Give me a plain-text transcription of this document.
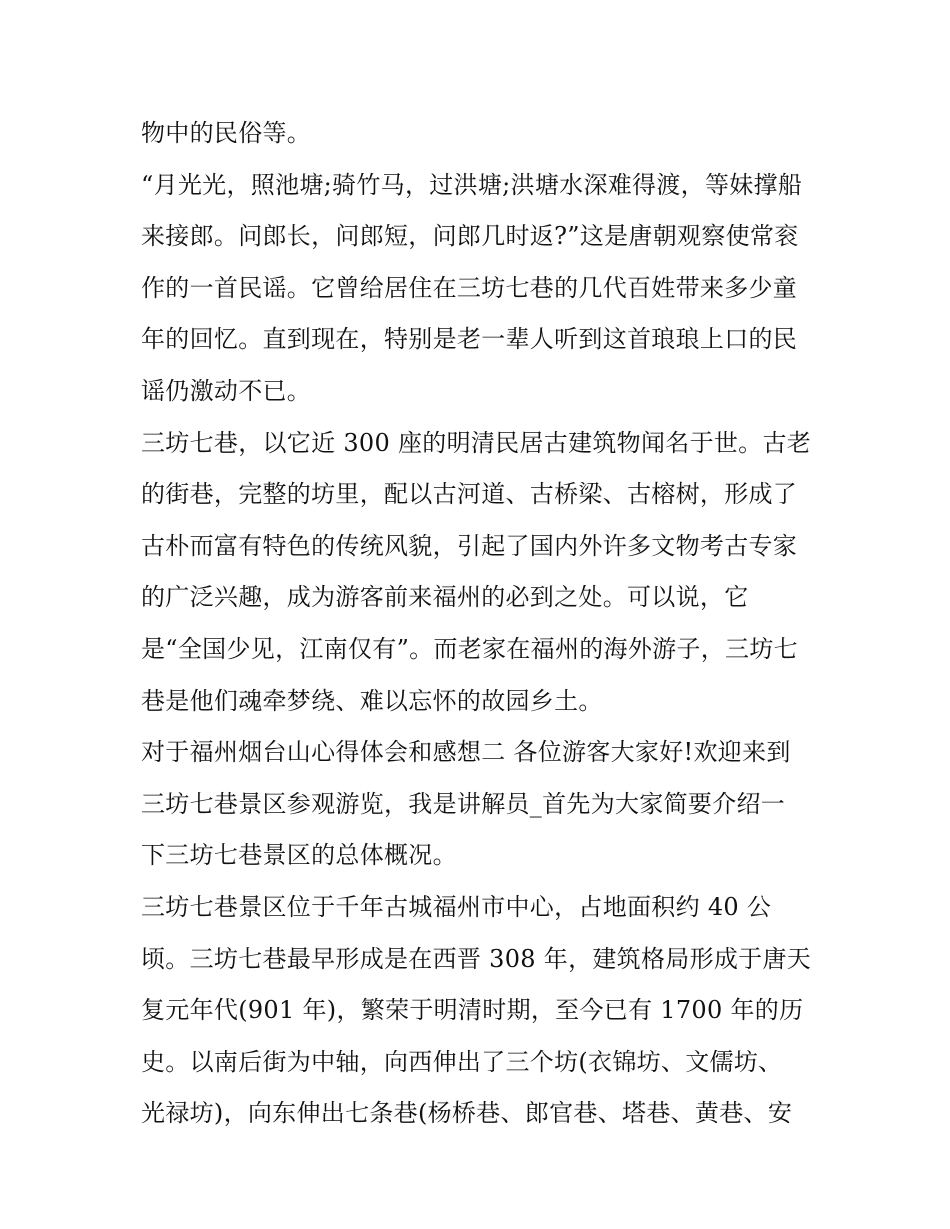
物中的民俗等。
“月光光，照池塘;骑竹马，过洪塘;洪塘水深难得渡，等妹撑船
来接郎。问郎长，问郎短，问郎几时返?”这是唐朝观察使常衮
作的一首民谣。它曾给居住在三坊七巷的几代百姓带来多少童
年的回忆。直到现在，特别是老一辈人听到这首琅琅上口的民
谣仍激动不已。
三坊七巷，以它近 300 座的明清民居古建筑物闻名于世。古老
的街巷，完整的坊里，配以古河道、古桥梁、古榕树，形成了
古朴而富有特色的传统风貌，引起了国内外许多文物考古专家
的广泛兴趣，成为游客前来福州的必到之处。可以说，它
是“全国少见，江南仅有”。而老家在福州的海外游子，三坊七
巷是他们魂牵梦绕、难以忘怀的故园乡土。
对于福州烟台山心得体会和感想二 各位游客大家好!欢迎来到
三坊七巷景区参观游览，我是讲解员_首先为大家简要介绍一
下三坊七巷景区的总体概况。
三坊七巷景区位于千年古城福州市中心，占地面积约 40 公
顷。三坊七巷最早形成是在西晋 308 年，建筑格局形成于唐天
复元年代(901 年)，繁荣于明清时期，至今已有 1700 年的历
史。以南后街为中轴，向西伸出了三个坊(衣锦坊、文儒坊、
光禄坊)，向东伸出七条巷(杨桥巷、郎官巷、塔巷、黄巷、安
